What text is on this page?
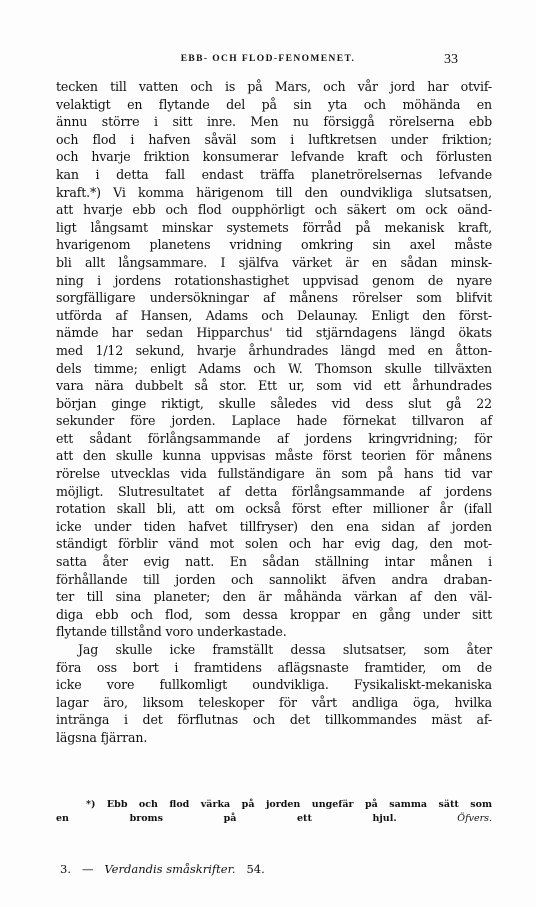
EBB- OCH FLOD-FENOMENET.	33
tecken till vatten och is på Mars, och vår jord har otvif-
velaktigt en flytande del på sin yta och möhända en
ännu större i sitt inre. Men nu försiggå rörelserna ebb
och flod i hafven såväl som i luftkretsen under friktion;
och hvarje friktion konsumerar lefvande kraft och förlusten
kan i detta fall endast träffa planetrörelsernas lefvande
kraft.*) Vi komma härigenom till den oundvikliga slutsatsen,
att hvarje ebb och flod oupphörligt och säkert om ock oänd-
ligt långsamt minskar systemets förråd på mekanisk kraft,
hvarigenom planetens vridning omkring sin axel måste
bli allt långsammare. I själfva värket är en sådan minsk-
ning i jordens rotationshastighet uppvisad genom de nyare
sorgfälligare undersökningar af månens rörelser som blifvit
utförda af Hansen, Adams och Delaunay. Enligt den först-
nämde har sedan Hipparchus' tid stjärndagens längd ökats
med 1/12 sekund, hvarje århundrades längd med en åtton-
dels timme; enligt Adams och W. Thomson skulle tillväxten
vara nära dubbelt så stor. Ett ur, som vid ett århundrades
början ginge riktigt, skulle således vid dess slut gå 22
sekunder före jorden. Laplace hade förnekat tillvaron af
ett sådant förlångsammande af jordens kringvridning; för
att den skulle kunna uppvisas måste först teorien för månens
rörelse utvecklas vida fullständigare än som på hans tid var
möjligt. Slutresultatet af detta förlångsammande af jordens
rotation skall bli, att om också först efter millioner år (ifall
icke under tiden hafvet tillfryser) den ena sidan af jorden
ständigt förblir vänd mot solen och har evig dag, den mot-
satta åter evig natt. En sådan ställning intar månen i
förhållande till jorden och sannolikt äfven andra draban-
ter till sina planeter; den är måhända värkan af den väl-
diga ebb och flod, som dessa kroppar en gång under sitt
flytande tillstånd voro underkastade.
Jag skulle icke framställt dessa slutsatser, som åter
föra oss bort i framtidens aflägsnaste framtider, om de
icke vore fullkomligt oundvikliga. Fysikaliskt-mekaniska
lagar äro, liksom teleskoper för vårt andliga öga, hvilka
intränga i det förflutnas och det tillkommandes mäst af-
lägsna fjärran.
*) Ebb och flod värka på jorden ungefär på samma sätt som
en broms på ett hjul.	Öfvers.
3. — Verdandis småskrifter. 54.
